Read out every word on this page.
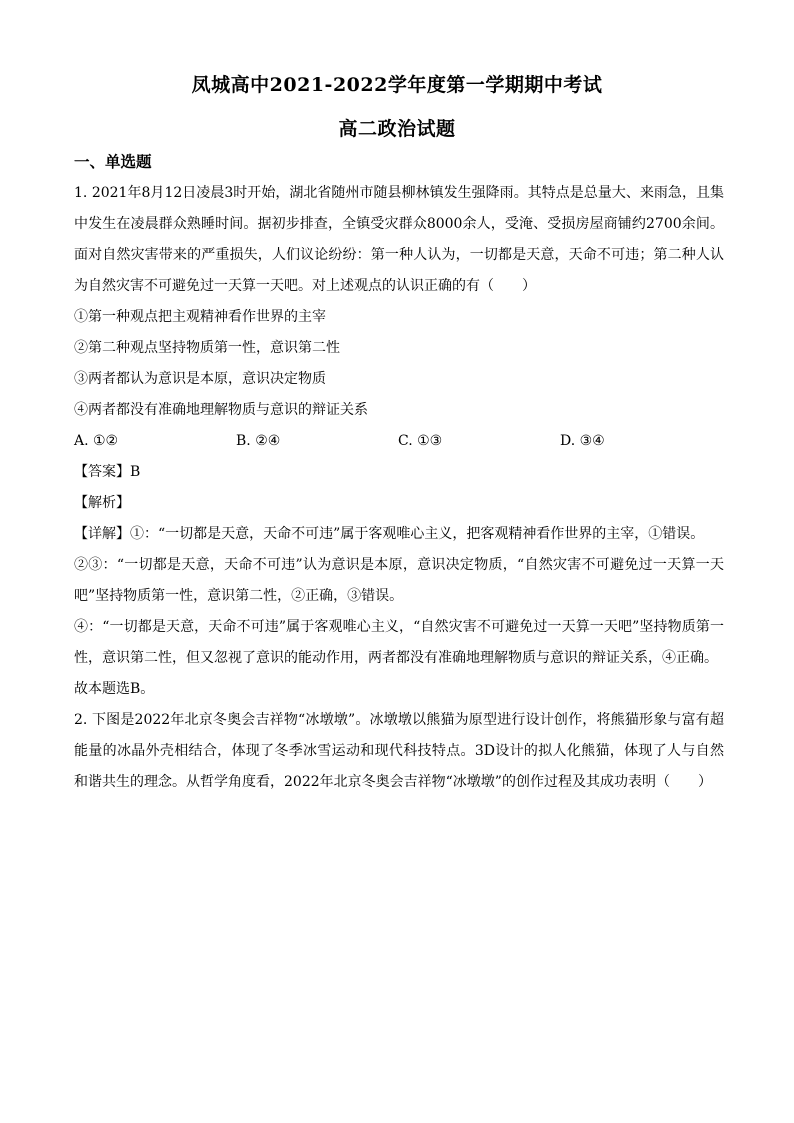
凤城高中2021-2022学年度第一学期期中考试
高二政治试题
一、单选题

1. 2021年8月12日凌晨3时开始，湖北省随州市随县柳林镇发生强降雨。其特点是总量大、来雨急，且集中发生在凌晨群众熟睡时间。据初步排查，全镇受灾群众8000余人，受淹、受损房屋商铺约2700余间。面对自然灾害带来的严重损失，人们议论纷纷：第一种人认为，一切都是天意，天命不可违；第二种人认为自然灾害不可避免过一天算一天吧。对上述观点的认识正确的有（　　）

①第一种观点把主观精神看作世界的主宰

②第二种观点坚持物质第一性，意识第二性

③两者都认为意识是本原，意识决定物质

④两者都没有准确地理解物质与意识的辩证关系

A. ①②	B. ②④	C. ①③	D. ③④

【答案】B

【解析】

【详解】①：“一切都是天意，天命不可违”属于客观唯心主义，把客观精神看作世界的主宰，①错误。

②③：“一切都是天意，天命不可违”认为意识是本原，意识决定物质，“自然灾害不可避免过一天算一天吧”坚持物质第一性，意识第二性，②正确，③错误。

④：“一切都是天意，天命不可违”属于客观唯心主义，“自然灾害不可避免过一天算一天吧”坚持物质第一性，意识第二性，但又忽视了意识的能动作用，两者都没有准确地理解物质与意识的辩证关系，④正确。

故本题选B。

2. 下图是2022年北京冬奥会吉祥物“冰墩墩”。冰墩墩以熊猫为原型进行设计创作，将熊猫形象与富有超能量的冰晶外壳相结合，体现了冬季冰雪运动和现代科技特点。3D设计的拟人化熊猫，体现了人与自然和谐共生的理念。从哲学角度看，2022年北京冬奥会吉祥物“冰墩墩”的创作过程及其成功表明（　　）
